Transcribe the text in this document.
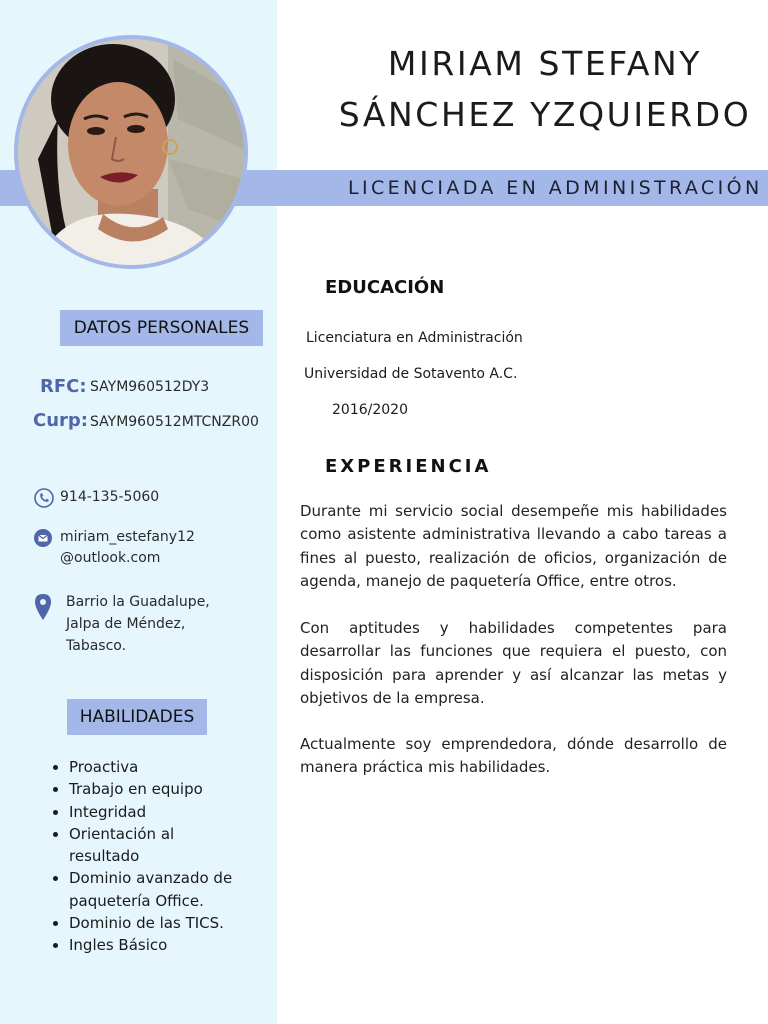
MIRIAM STEFANY
SÁNCHEZ YZQUIERDO
LICENCIADA EN ADMINISTRACIÓN
DATOS PERSONALES
RFC: SAYM960512DY3
Curp: SAYM960512MTCNZR00
914-135-5060
miriam_estefany12
@outlook.com
Barrio la Guadalupe,
Jalpa de Méndez,
Tabasco.
HABILIDADES
• Proactiva
• Trabajo en equipo
• Integridad
• Orientación al resultado
• Dominio avanzado de paquetería Office.
• Dominio de las TICS.
• Ingles Básico
EDUCACIÓN
Licenciatura en Administración
Universidad de Sotavento A.C.
2016/2020
EXPERIENCIA

Durante mi servicio social desempeñe mis habilidades como asistente administrativa llevando a cabo tareas a fines al puesto, realización de oficios, organización de agenda, manejo de paquetería Office, entre otros.

Con aptitudes y habilidades competentes para desarrollar las funciones que requiera el puesto, con disposición para aprender y así alcanzar las metas y objetivos de la empresa.

Actualmente soy emprendedora, dónde desarrollo de manera práctica mis habilidades.
